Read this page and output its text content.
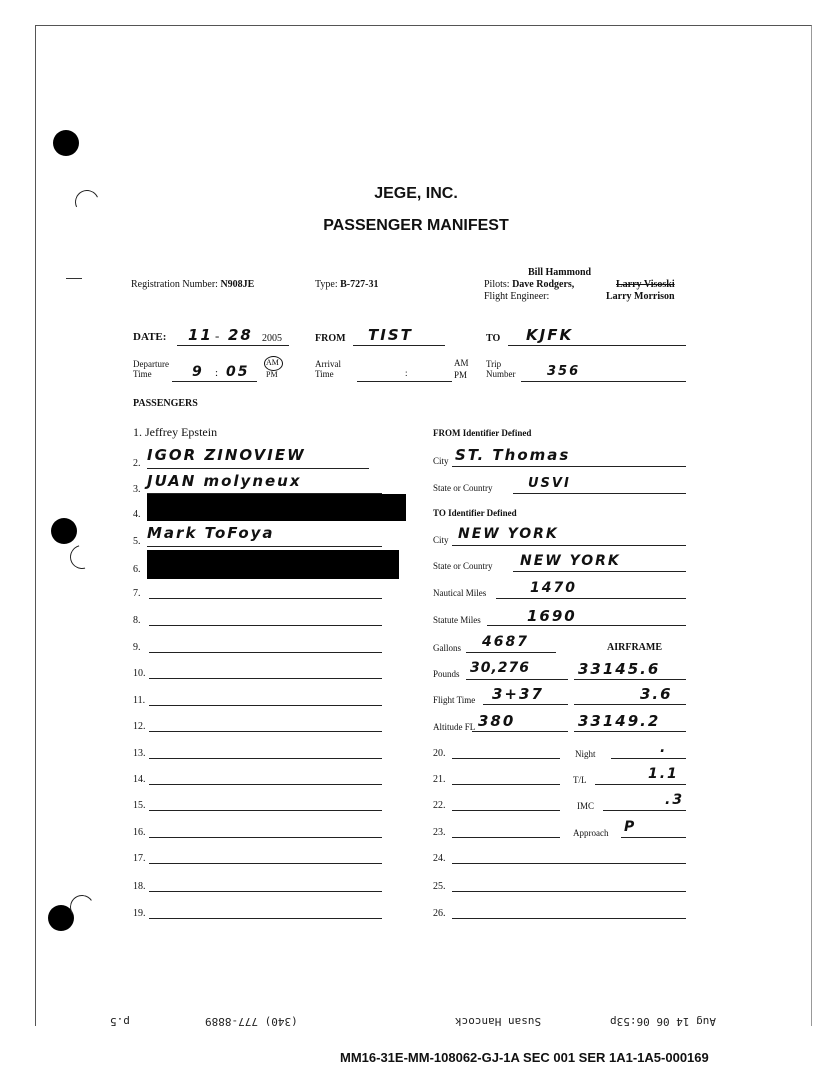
JEGE, INC.
PASSENGER MANIFEST
Registration Number: N908JE	Type: B-727-31
Bill Hammond
Pilots: Dave Rodgers,	Larry Visoski
Flight Engineer:	Larry Morrison
DATE: 11 - 28 2005	FROM TIST	TO KJFK
Departure
Time	9 : 05
AM
PM
Arrival
Time	:
AM
PM
Trip
Number 356
PASSENGERS
1. Jeffrey Epstein
2. IGOR ZINOVIEW
3. JUAN molyneux
4.
5. Mark ToFoya
6.
7.
8.
9.
10.
11.
12.
13.
14.
15.
16.
17.
18.
19.
FROM Identifier Defined
City ST. Thomas
State or Country	USVI
TO Identifier Defined
City NEW YORK
State or Country NEW YORK
Nautical Miles	1470
Statute Miles	1690
Gallons 4687	AIRFRAME
Pounds 30,276	33145.6
Flight Time 3+37	3.6
Altitude FL 380	33149.2
20.	Night	.
21.	T/L	1.1
22.	IMC	.3
23.	Approach P
24.
25.
26.
p.5	(340) 777-8889	Susan Hancock	Aug 14 06 06:53p
MM16-31E-MM-108062-GJ-1A SEC 001 SER 1A1-1A5-000169
